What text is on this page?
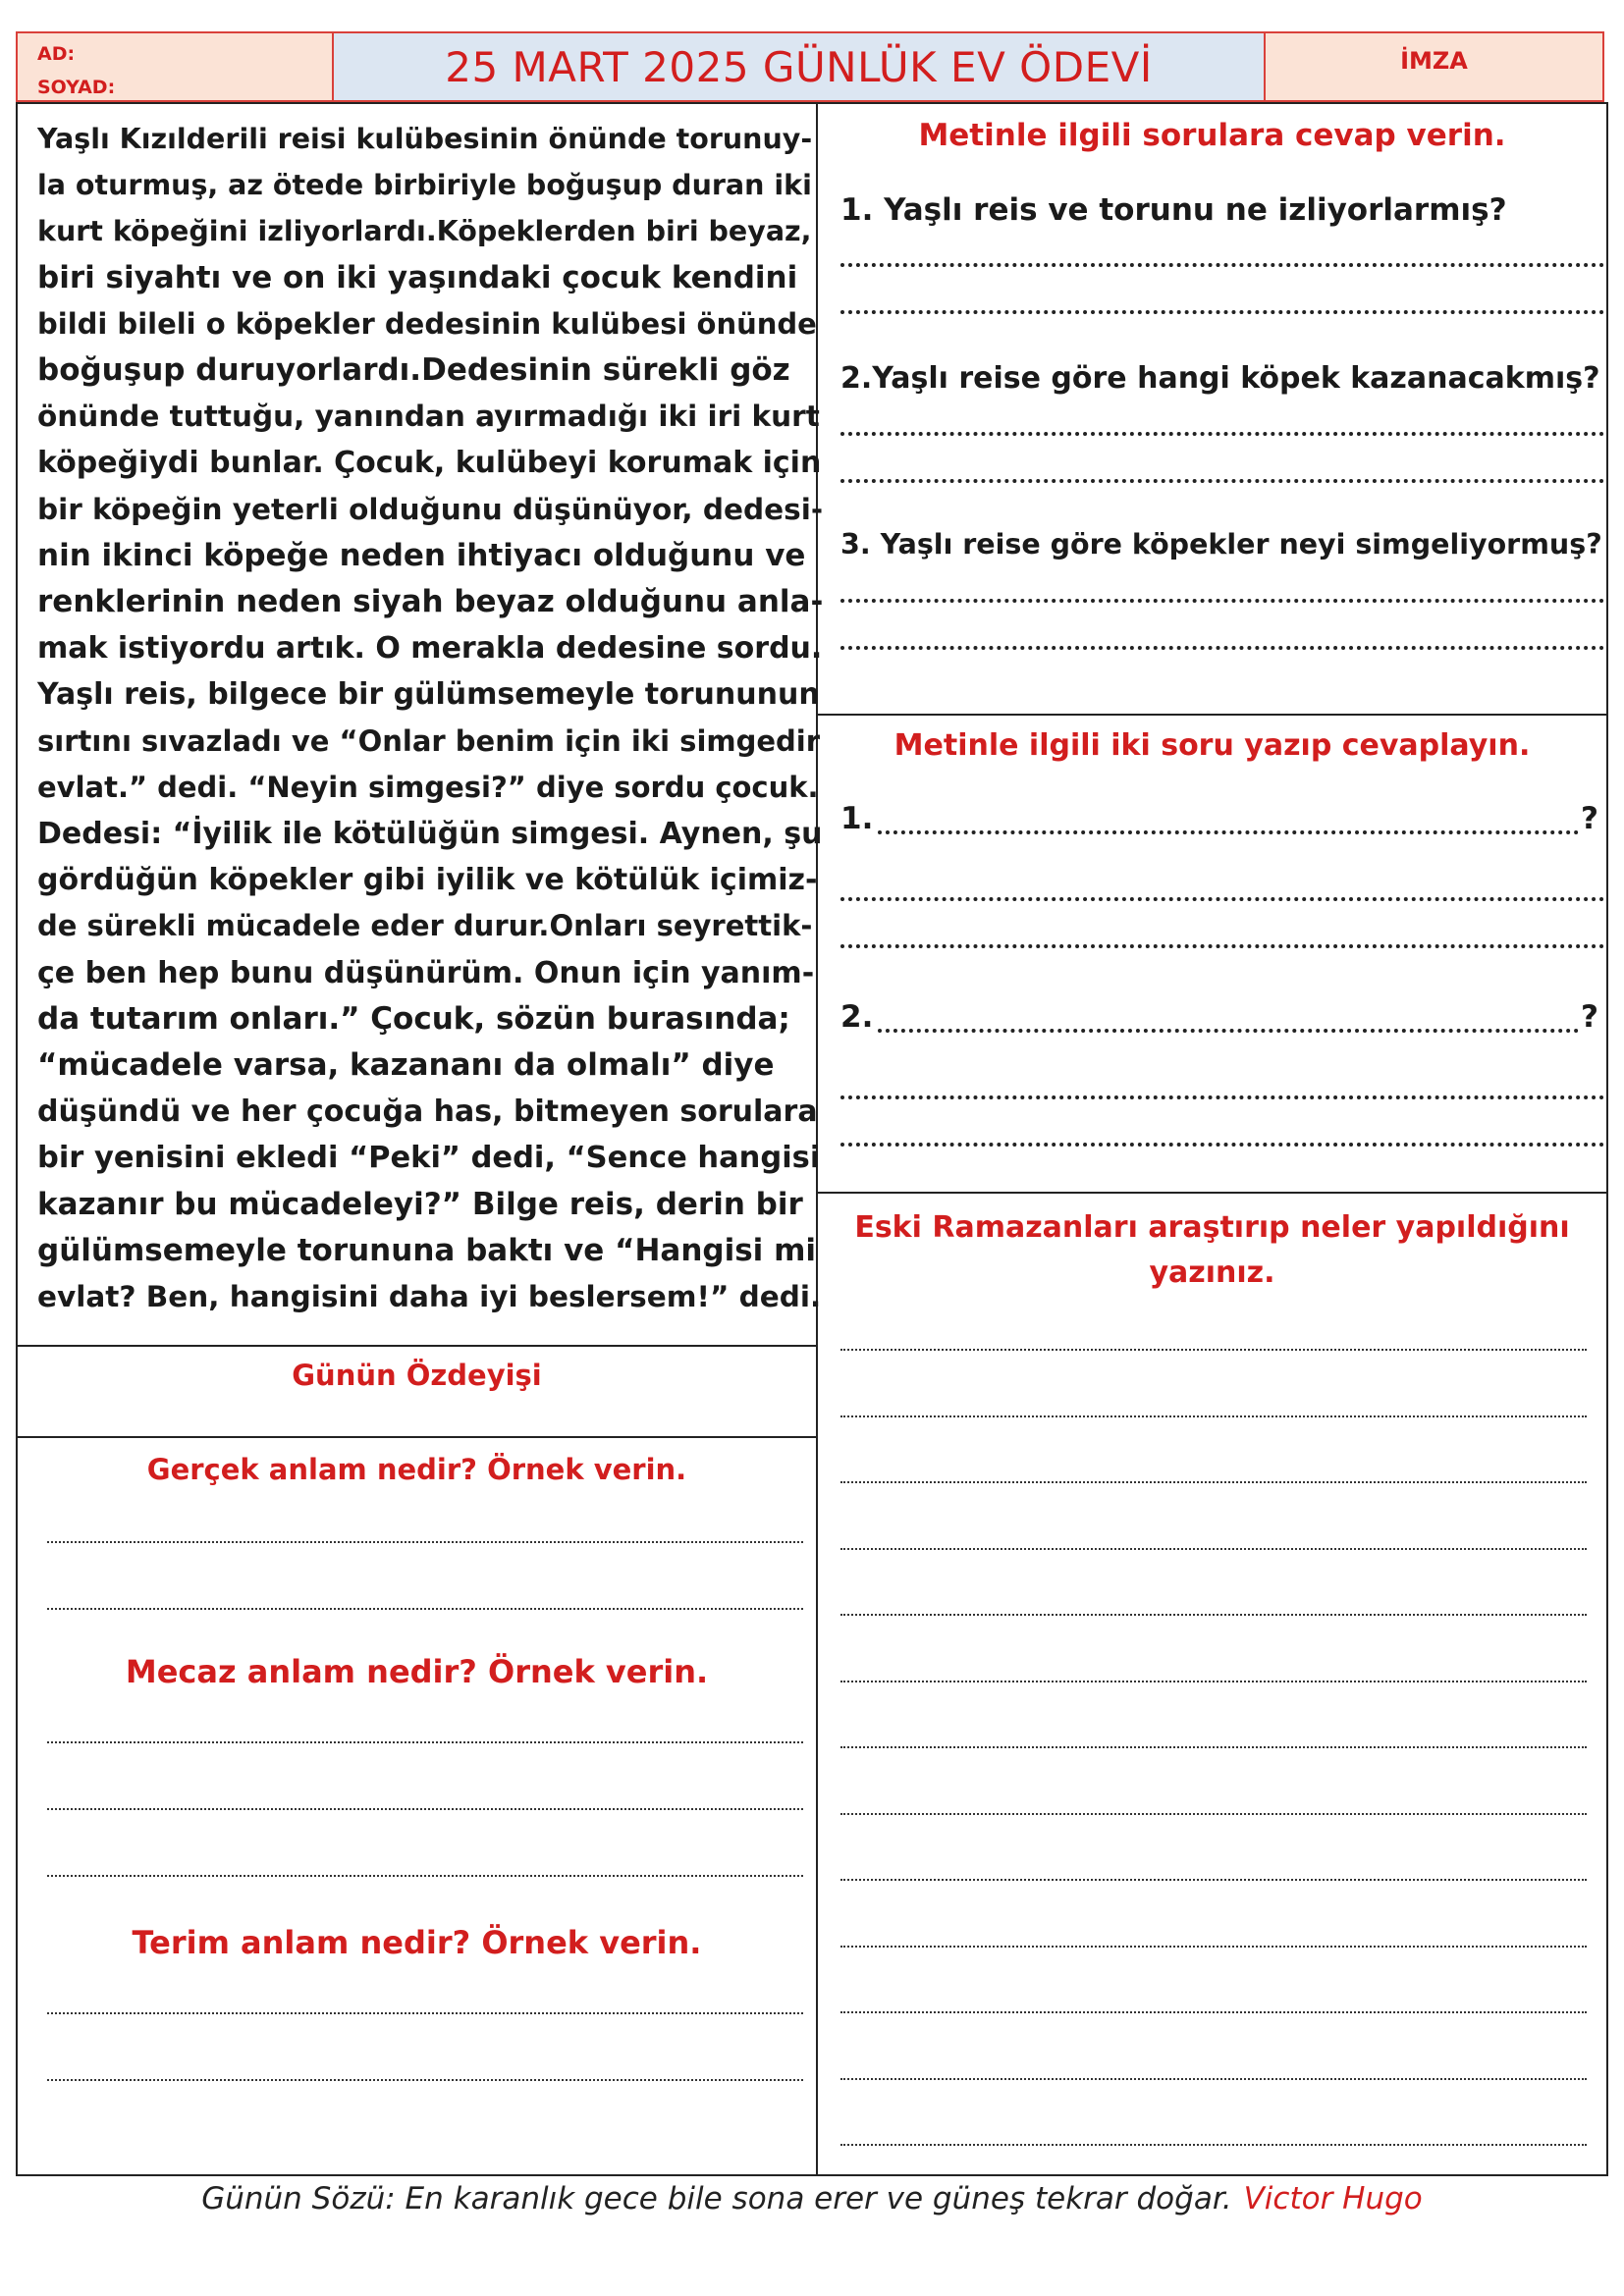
AD:
SOYAD:	25 MART 2025 GÜNLÜK EV ÖDEVİ	İMZA
Yaşlı Kızılderili reisi kulübesinin önünde torunuy-
la oturmuş, az ötede birbiriyle boğuşup duran iki
kurt köpeğini izliyorlardı.Köpeklerden biri beyaz,
biri siyahtı ve on iki yaşındaki çocuk kendini
bildi bileli o köpekler dedesinin kulübesi önünde
boğuşup duruyorlardı.Dedesinin sürekli göz
önünde tuttuğu, yanından ayırmadığı iki iri kurt
köpeğiydi bunlar. Çocuk, kulübeyi korumak için
bir köpeğin yeterli olduğunu düşünüyor, dedesi-
nin ikinci köpeğe neden ihtiyacı olduğunu ve
renklerinin neden siyah beyaz olduğunu anla-
mak istiyordu artık. O merakla dedesine sordu.
Yaşlı reis, bilgece bir gülümsemeyle torununun
sırtını sıvazladı ve “Onlar benim için iki simgedir
evlat.” dedi. “Neyin simgesi?” diye sordu çocuk.
Dedesi: “İyilik ile kötülüğün simgesi. Aynen, şu
gördüğün köpekler gibi iyilik ve kötülük içimiz-
de sürekli mücadele eder durur.Onları seyrettik-
çe ben hep bunu düşünürüm. Onun için yanım-
da tutarım onları.” Çocuk, sözün burasında;
“mücadele varsa, kazananı da olmalı” diye
düşündü ve her çocuğa has, bitmeyen sorulara
bir yenisini ekledi “Peki” dedi, “Sence hangisi
kazanır bu mücadeleyi?” Bilge reis, derin bir
gülümsemeyle torununa baktı ve “Hangisi mi
evlat? Ben, hangisini daha iyi beslersem!” dedi.

Günün Özdeyişi

Gerçek anlam nedir? Örnek verin.

Mecaz anlam nedir? Örnek verin.

Terim anlam nedir? Örnek verin.

Metinle ilgili sorulara cevap verin.

1. Yaşlı reis ve torunu ne izliyorlarmış?

2.Yaşlı reise göre hangi köpek kazanacakmış?

3. Yaşlı reise göre köpekler neyi simgeliyormuş?

Metinle ilgili iki soru yazıp cevaplayın.

1.	?
2.	?

Eski Ramazanları araştırıp neler yapıldığını
yazınız.

Günün Sözü: En karanlık gece bile sona erer ve güneş tekrar doğar. Victor Hugo
